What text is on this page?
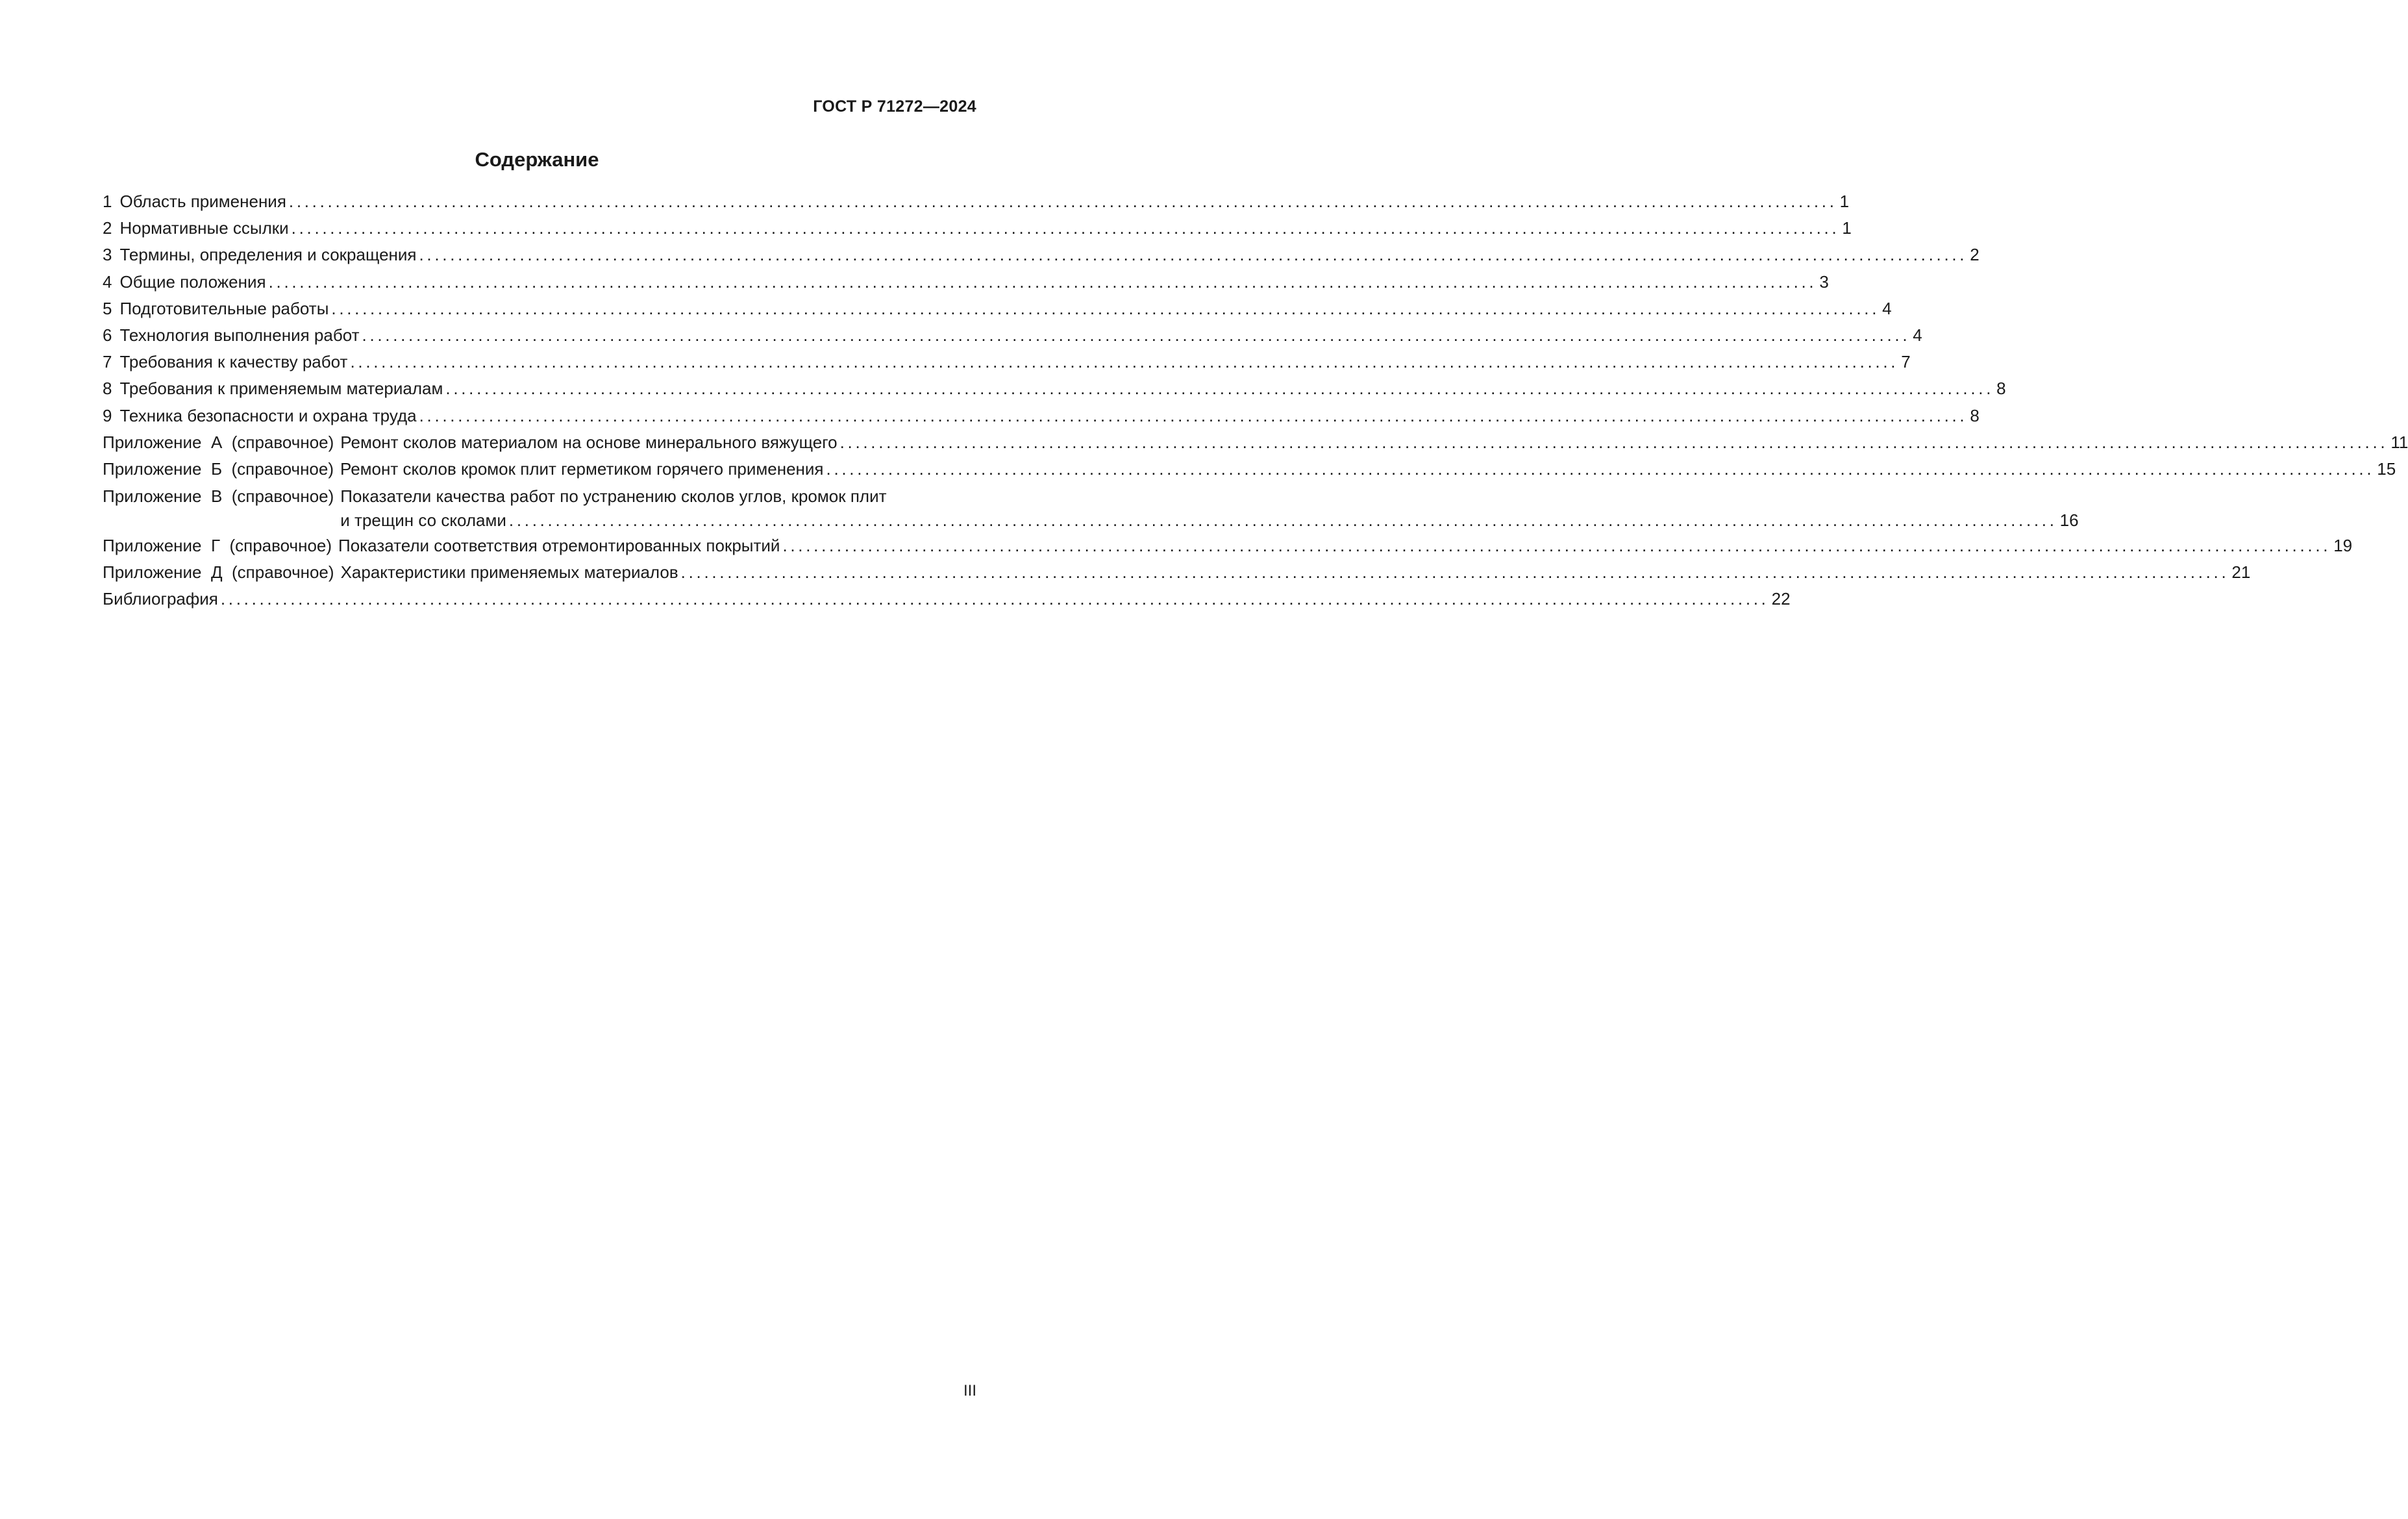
ГОСТ Р 71272—2024
Содержание
1 Область применения ........................................................................................................................................................................................................ 1
2 Нормативные ссылки ........................................................................................................................................................................................................ 1
3 Термины, определения и сокращения ........................................................................................................................................................................................................ 2
4 Общие положения ........................................................................................................................................................................................................ 3
5 Подготовительные работы ........................................................................................................................................................................................................ 4
6 Технология выполнения работ ........................................................................................................................................................................................................ 4
7 Требования к качеству работ ........................................................................................................................................................................................................ 7
8 Требования к применяемым материалам ........................................................................................................................................................................................................ 8
9 Техника безопасности и охрана труда ........................................................................................................................................................................................................ 8
Приложение  А  (справочное) Ремонт сколов материалом на основе минерального вяжущего ........................................................................................................................................................................................................ 11
Приложение  Б  (справочное) Ремонт сколов кромок плит герметиком горячего применения ........................................................................................................................................................................................................ 15
Приложение  В  (справочное) Показатели качества работ по устранению сколов углов, кромок плит
и трещин со сколами ........................................................................................................................................................................................................ 16
Приложение  Г  (справочное) Показатели соответствия отремонтированных покрытий ........................................................................................................................................................................................................ 19
Приложение  Д  (справочное) Характеристики применяемых материалов ........................................................................................................................................................................................................ 21
Библиография ........................................................................................................................................................................................................ 22
III
